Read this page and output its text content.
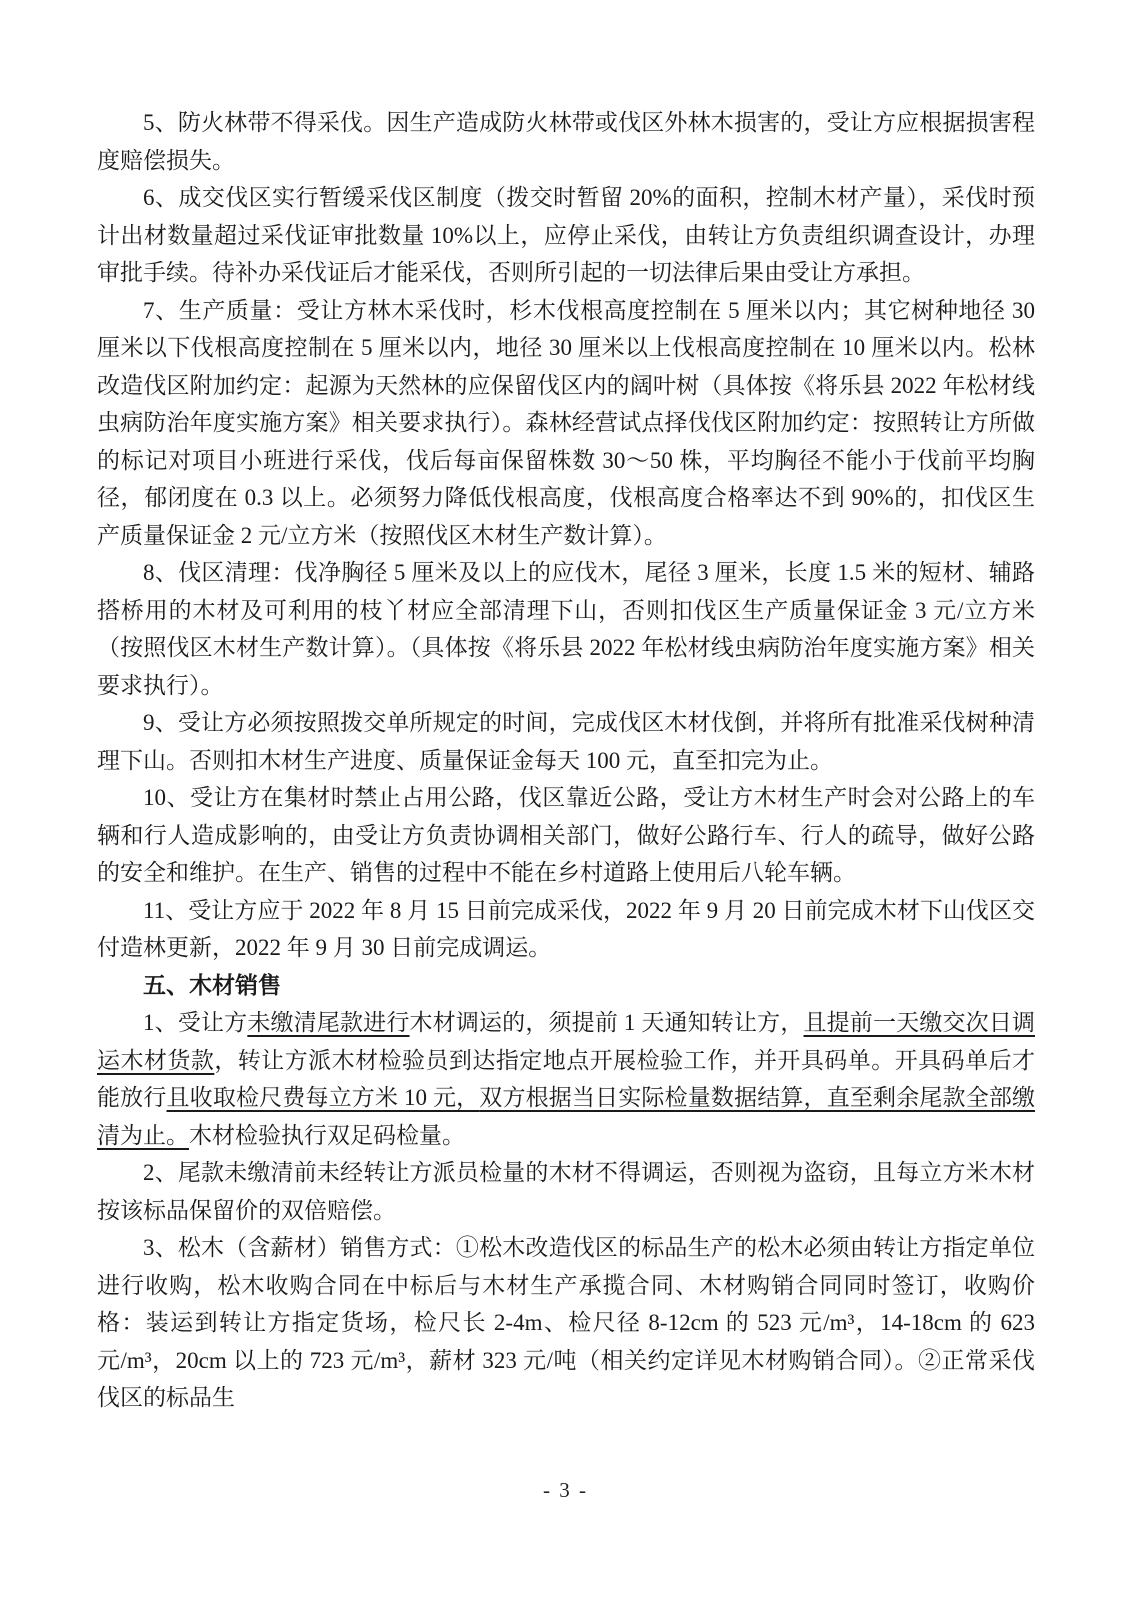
5、防火林带不得采伐。因生产造成防火林带或伐区外林木损害的，受让方应根据损害程度赔偿损失。

6、成交伐区实行暂缓采伐区制度（拨交时暂留 20%的面积，控制木材产量），采伐时预计出材数量超过采伐证审批数量 10%以上，应停止采伐，由转让方负责组织调查设计，办理审批手续。待补办采伐证后才能采伐，否则所引起的一切法律后果由受让方承担。

7、生产质量：受让方林木采伐时，杉木伐根高度控制在 5 厘米以内；其它树种地径 30 厘米以下伐根高度控制在 5 厘米以内，地径 30 厘米以上伐根高度控制在 10 厘米以内。松林改造伐区附加约定：起源为天然林的应保留伐区内的阔叶树（具体按《将乐县 2022 年松材线虫病防治年度实施方案》相关要求执行）。森林经营试点择伐伐区附加约定：按照转让方所做的标记对项目小班进行采伐，伐后每亩保留株数 30～50 株，平均胸径不能小于伐前平均胸径，郁闭度在 0.3 以上。必须努力降低伐根高度，伐根高度合格率达不到 90%的，扣伐区生产质量保证金 2 元/立方米（按照伐区木材生产数计算）。

8、伐区清理：伐净胸径 5 厘米及以上的应伐木，尾径 3 厘米，长度 1.5 米的短材、辅路搭桥用的木材及可利用的枝丫材应全部清理下山，否则扣伐区生产质量保证金 3 元/立方米（按照伐区木材生产数计算）。（具体按《将乐县 2022 年松材线虫病防治年度实施方案》相关要求执行）。

9、受让方必须按照拨交单所规定的时间，完成伐区木材伐倒，并将所有批准采伐树种清理下山。否则扣木材生产进度、质量保证金每天 100 元，直至扣完为止。

10、受让方在集材时禁止占用公路，伐区靠近公路，受让方木材生产时会对公路上的车辆和行人造成影响的，由受让方负责协调相关部门，做好公路行车、行人的疏导，做好公路的安全和维护。在生产、销售的过程中不能在乡村道路上使用后八轮车辆。

11、受让方应于 2022 年 8 月 15 日前完成采伐，2022 年 9 月 20 日前完成木材下山伐区交付造林更新，2022 年 9 月 30 日前完成调运。

五、木材销售

1、受让方未缴清尾款进行木材调运的，须提前 1 天通知转让方，且提前一天缴交次日调运木材货款，转让方派木材检验员到达指定地点开展检验工作，并开具码单。开具码单后才能放行且收取检尺费每立方米 10 元，双方根据当日实际检量数据结算，直至剩余尾款全部缴清为止。木材检验执行双足码检量。

2、尾款未缴清前未经转让方派员检量的木材不得调运，否则视为盗窃，且每立方米木材按该标品保留价的双倍赔偿。

3、松木（含薪材）销售方式：①松木改造伐区的标品生产的松木必须由转让方指定单位进行收购，松木收购合同在中标后与木材生产承揽合同、木材购销合同同时签订，收购价格：装运到转让方指定货场，检尺长 2-4m、检尺径 8-12cm 的 523 元/m³，14-18cm 的 623 元/m³，20cm 以上的 723 元/m³，薪材 323 元/吨（相关约定详见木材购销合同）。②正常采伐伐区的标品生

- 3 -
